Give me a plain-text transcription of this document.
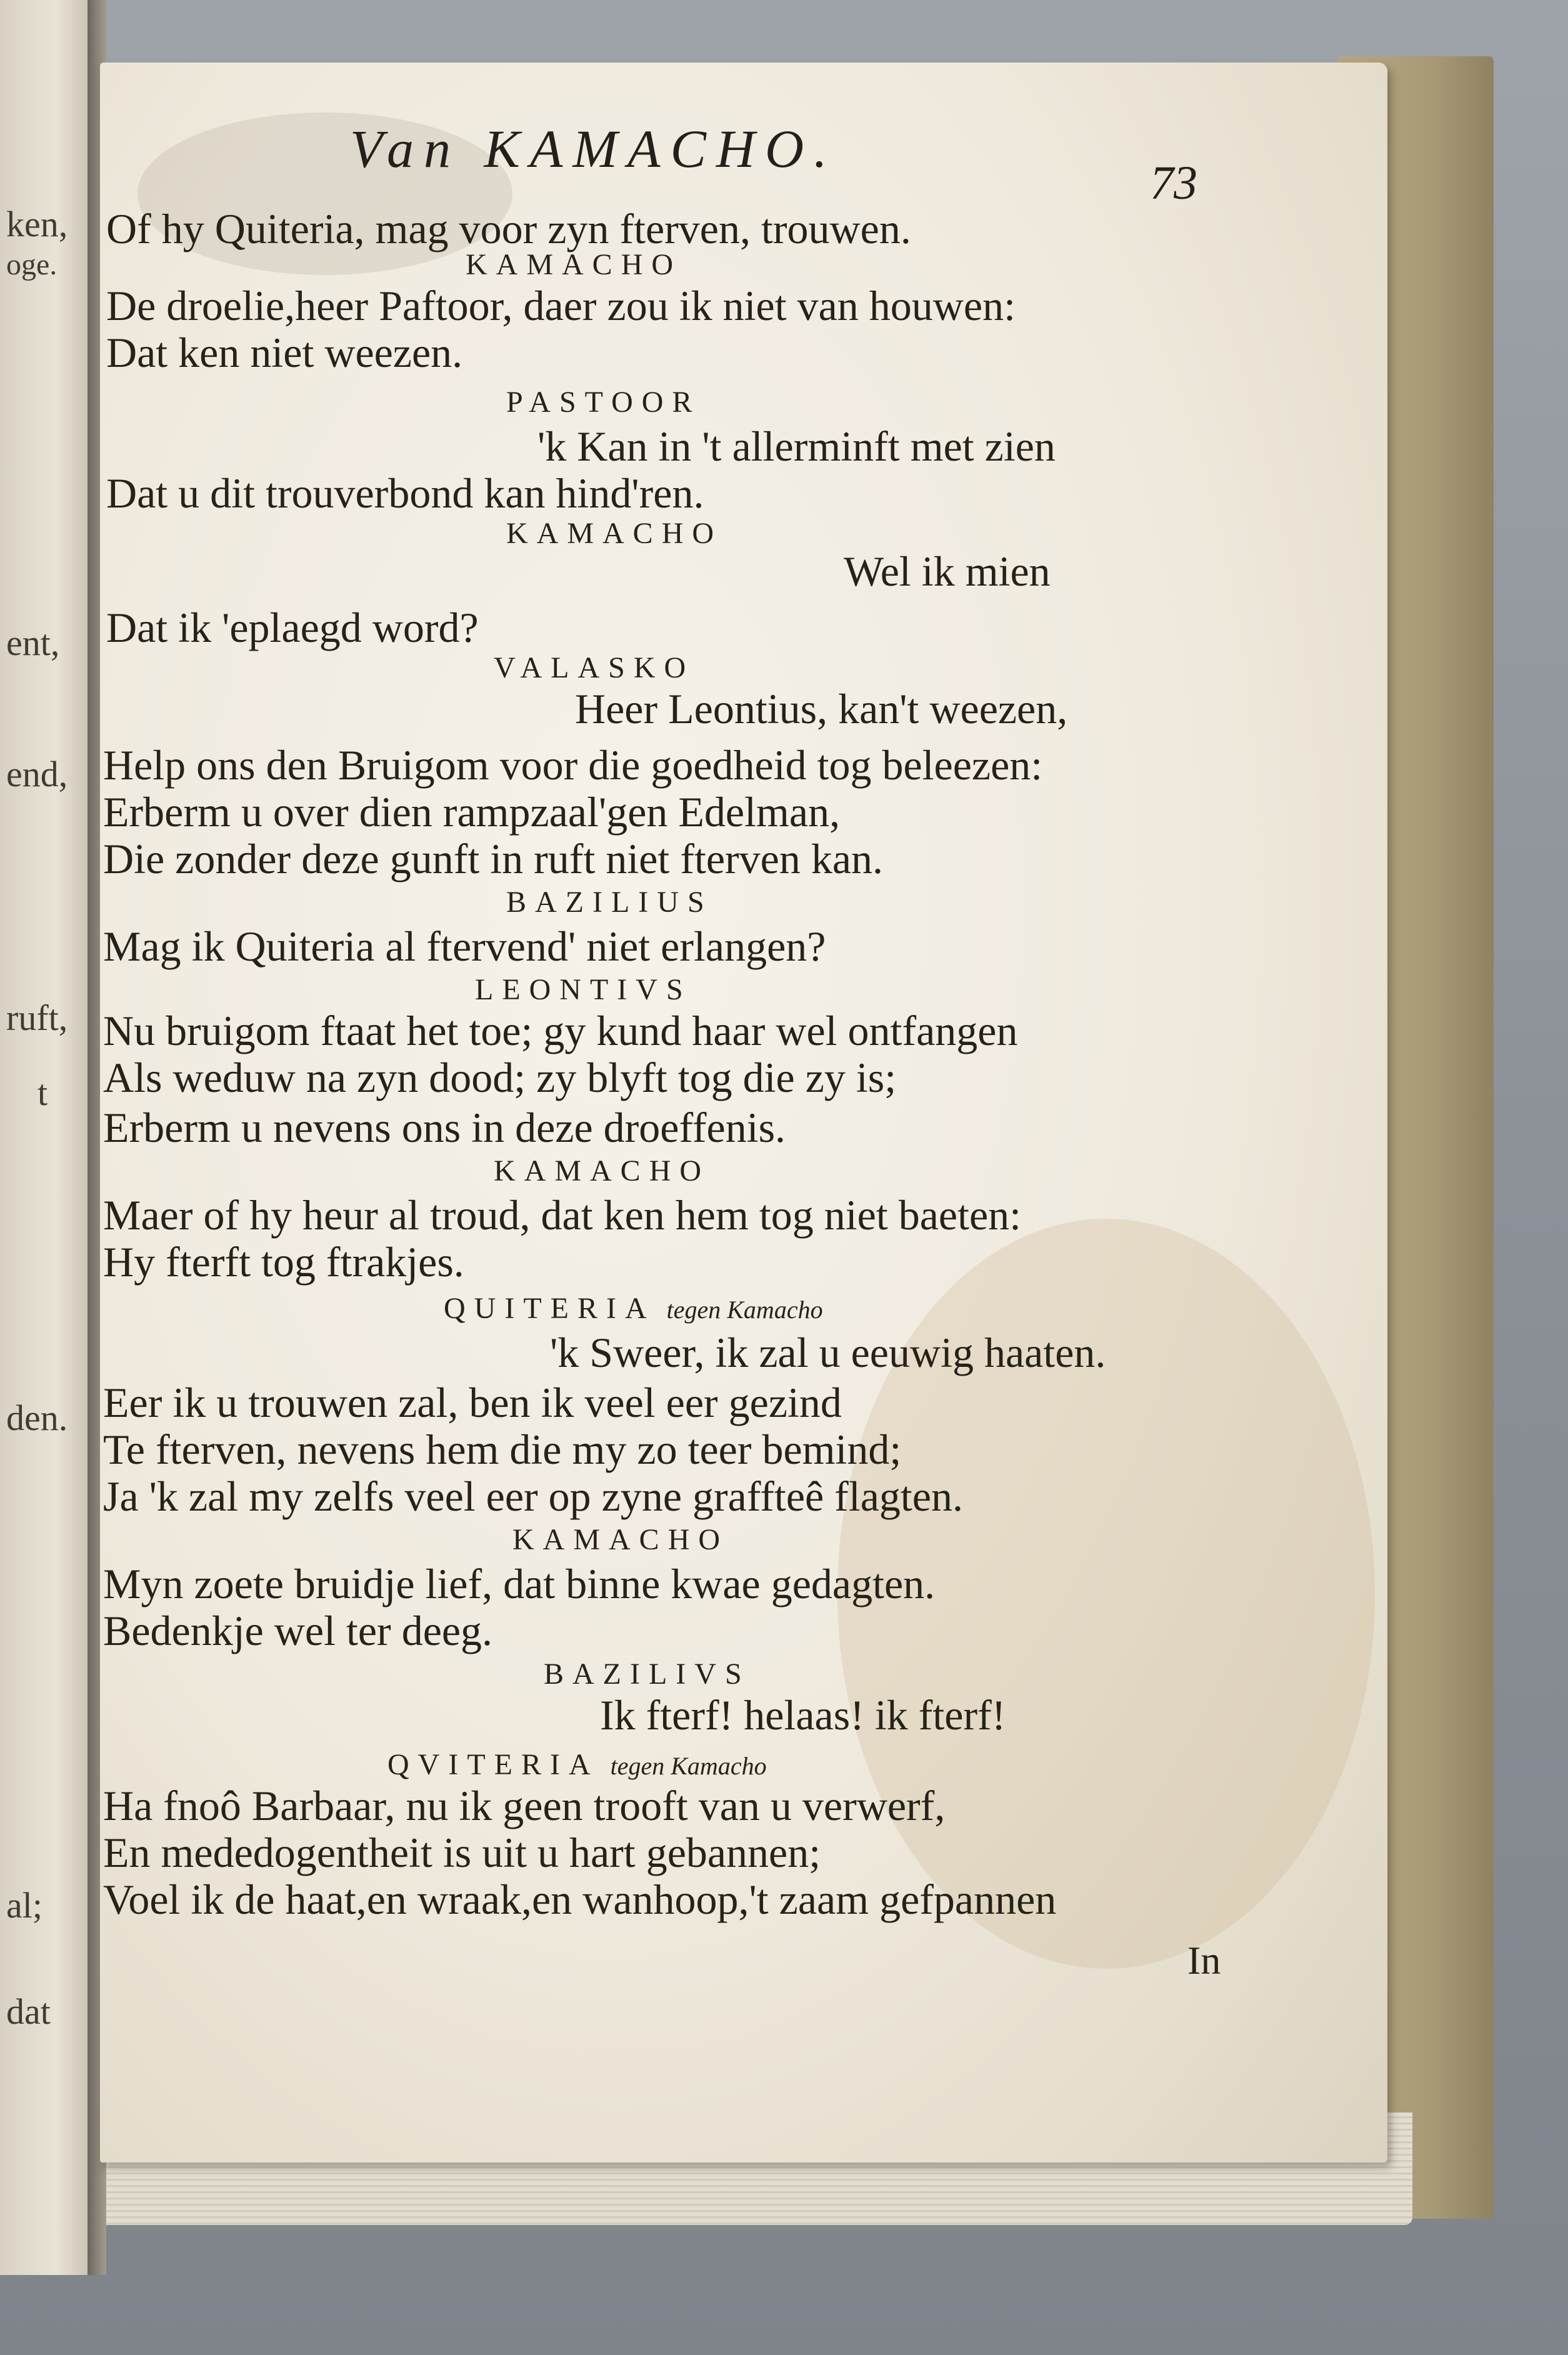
ken,
oge.
ent,
end,
ruft,
t
den.
al;
dat
Van KAMACHO.
73
Of hy Quiteria, mag voor zyn fterven, trouwen.
KAMACHO
De droelie,heer Paftoor, daer zou ik niet van houwen:
Dat ken niet weezen.
PASTOOR
'k Kan in 't allerminft met zien
Dat u dit trouverbond kan hind'ren.
KAMACHO
Wel ik mien
Dat ik 'eplaegd word?
VALASKO
Heer Leontius, kan't weezen,
Help ons den Bruigom voor die goedheid tog beleezen:
Erberm u over dien rampzaal'gen Edelman,
Die zonder deze gunft in ruft niet fterven kan.
BAZILIUS
Mag ik Quiteria al ftervend' niet erlangen?
LEONTIVS
Nu bruigom ftaat het toe; gy kund haar wel ontfangen
Als weduw na zyn dood; zy blyft tog die zy is;
Erberm u nevens ons in deze droeffenis.
KAMACHO
Maer of hy heur al troud, dat ken hem tog niet baeten:
Hy fterft tog ftrakjes.
QUITERIA tegen Kamacho
'k Sweer, ik zal u eeuwig haaten.
Eer ik u trouwen zal, ben ik veel eer gezind
Te fterven, nevens hem die my zo teer bemind;
Ja 'k zal my zelfs veel eer op zyne graffteê flagten.
KAMACHO
Myn zoete bruidje lief, dat binne kwae gedagten.
Bedenkje wel ter deeg.
BAZILIVS
Ik fterf! helaas! ik fterf!
QVITERIA tegen Kamacho
Ha fnoô Barbaar, nu ik geen trooft van u verwerf,
En mededogentheit is uit u hart gebannen;
Voel ik de haat,en wraak,en wanhoop,'t zaam gefpannen
In
